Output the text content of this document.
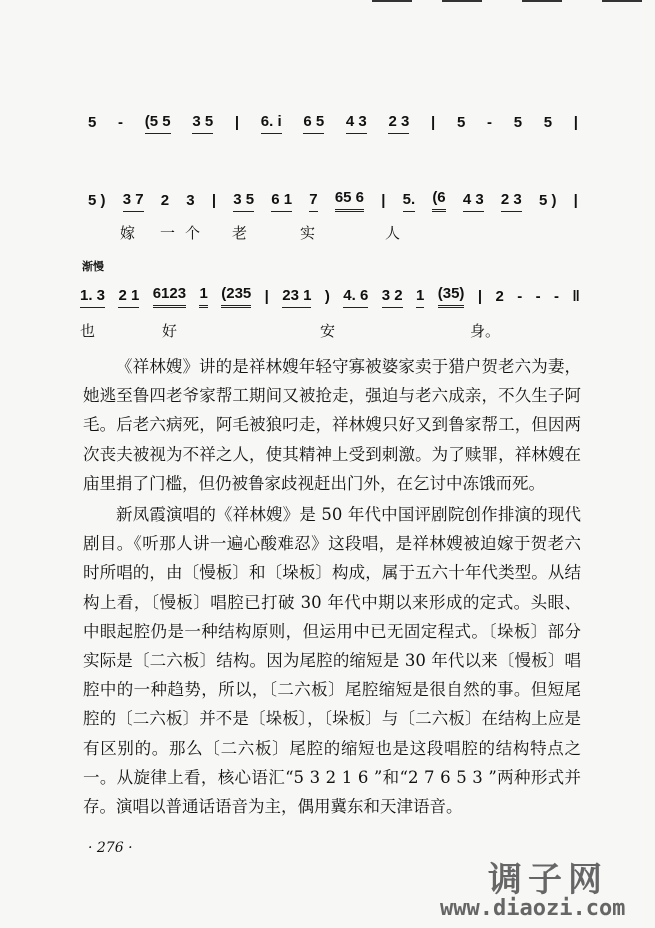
5 - (5 5 3 5 | 6. i 6 5 4 3 2 3 | 5 - 5 5 |
5 ) 3 7 2 3 | 3 5 6 1 7 65 6 | 5. (6 4 3 2 3 5 ) |
嫁 一个 老	实	人
渐慢
1. 3 2 1 6123 1 (235 | 23 1 ) 4. 6 3 2 1 (35) | 2 - - - ‖
也	好	安	身。

《祥林嫂》讲的是祥林嫂年轻守寡被婆家卖于猎户贺老六为妻，她逃至鲁四老爷家帮工期间又被抢走，强迫与老六成亲，不久生子阿毛。后老六病死，阿毛被狼叼走，祥林嫂只好又到鲁家帮工，但因两次丧夫被视为不祥之人，使其精神上受到刺激。为了赎罪，祥林嫂在庙里捐了门槛，但仍被鲁家歧视赶出门外，在乞讨中冻饿而死。

新凤霞演唱的《祥林嫂》是 50 年代中国评剧院创作排演的现代剧目。《听那人讲一遍心酸难忍》这段唱，是祥林嫂被迫嫁于贺老六时所唱的，由〔慢板〕和〔垛板〕构成，属于五六十年代类型。从结构上看，〔慢板〕唱腔已打破 30 年代中期以来形成的定式。头眼、中眼起腔仍是一种结构原则，但运用中已无固定程式。〔垛板〕部分实际是〔二六板〕结构。因为尾腔的缩短是 30 年代以来〔慢板〕唱腔中的一种趋势，所以，〔二六板〕尾腔缩短是很自然的事。但短尾腔的〔二六板〕并不是〔垛板〕，〔垛板〕与〔二六板〕在结构上应是有区别的。那么〔二六板〕尾腔的缩短也是这段唱腔的结构特点之一。从旋律上看，核心语汇“5 3 2 1 6 ”和“2 7 6 5 3 ”两种形式并存。演唱以普通话语音为主，偶用冀东和天津语音。

· 276 ·
调子网
www.diaozi.com
